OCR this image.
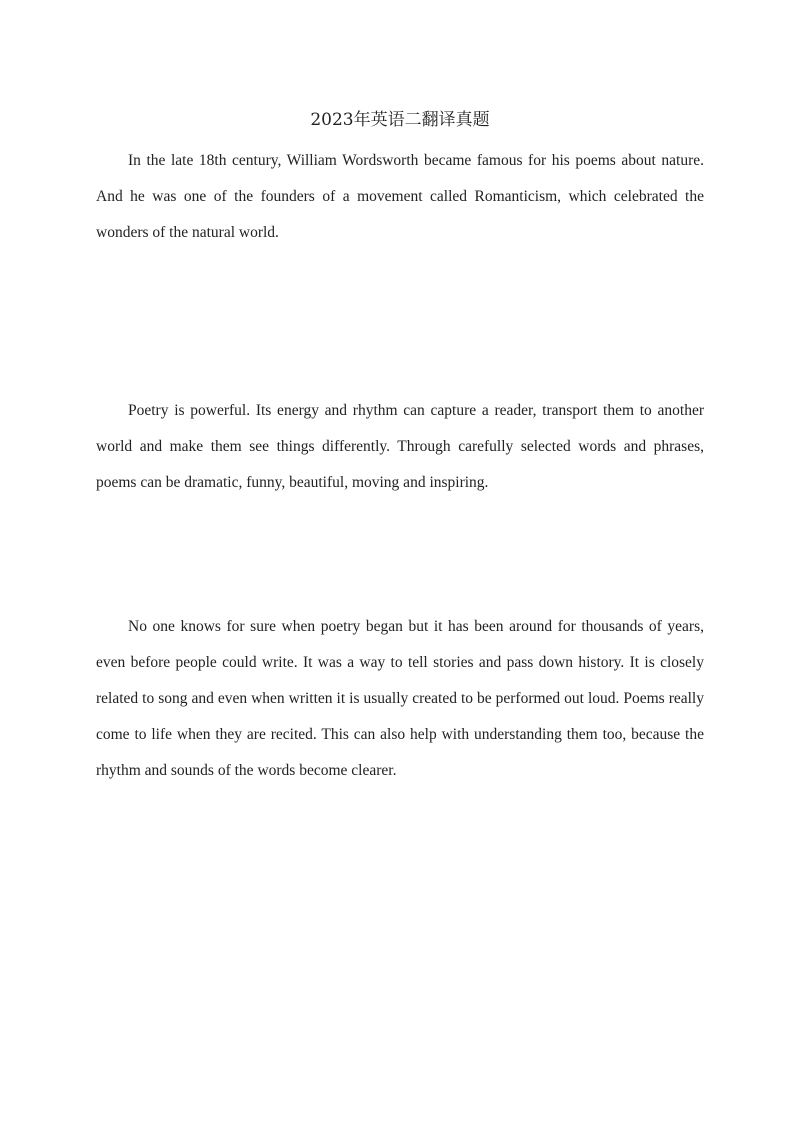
2023年英语二翻译真题

In the late 18th century, William Wordsworth became famous for his poems about nature. And he was one of the founders of a movement called Romanticism, which celebrated the wonders of the natural world.

Poetry is powerful. Its energy and rhythm can capture a reader, transport them to another world and make them see things differently. Through carefully selected words and phrases, poems can be dramatic, funny, beautiful, moving and inspiring.

No one knows for sure when poetry began but it has been around for thousands of years, even before people could write. It was a way to tell stories and pass down history. It is closely related to song and even when written it is usually created to be performed out loud. Poems really come to life when they are recited. This can also help with understanding them too, because the rhythm and sounds of the words become clearer.
